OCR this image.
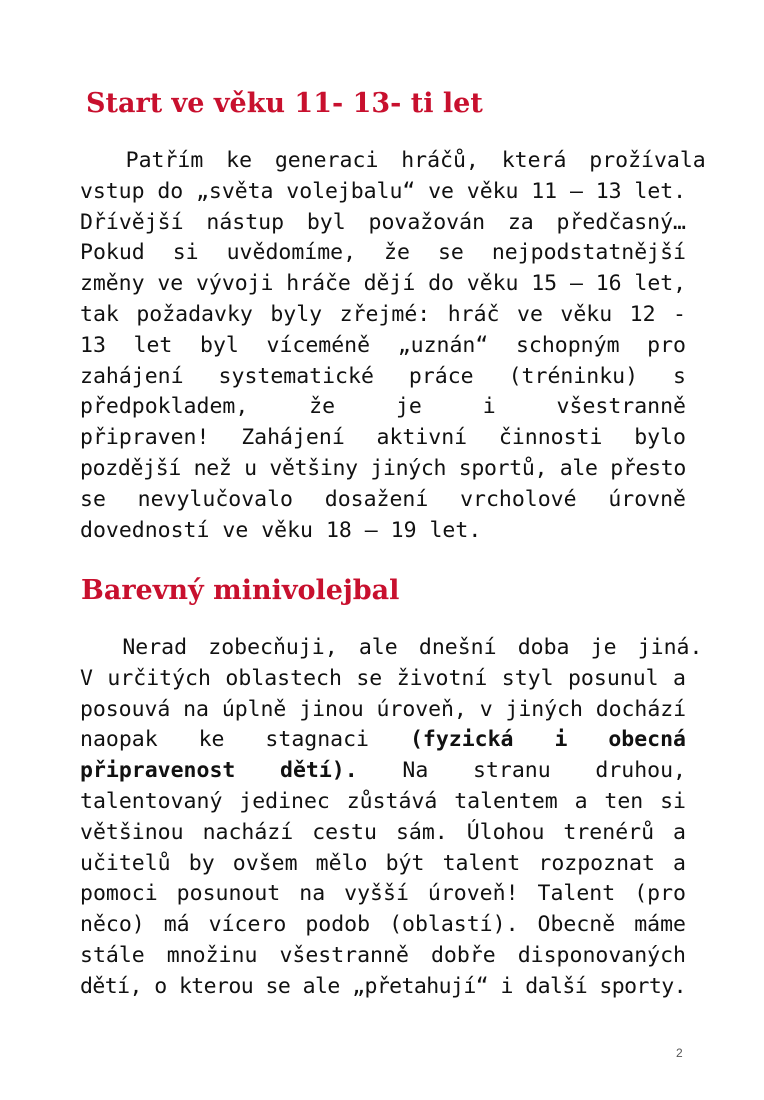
Start ve věku 11- 13- ti let
Patřím ke generaci hráčů, která prožívala
vstup do „světa volejbalu“ ve věku 11 – 13 let.
Dřívější nástup byl považován za předčasný…
Pokud si uvědomíme, že se nejpodstatnější
změny ve vývoji hráče dějí do věku 15 – 16 let,
tak požadavky byly zřejmé: hráč ve věku 12 -
13 let byl víceméně „uznán“ schopným pro
zahájení systematické práce (tréninku) s
předpokladem, že je i všestranně
připraven! Zahájení aktivní činnosti bylo
pozdější než u většiny jiných sportů, ale přesto
se nevylučovalo dosažení vrcholové úrovně
dovedností ve věku 18 – 19 let.
Barevný minivolejbal
Nerad zobecňuji, ale dnešní doba je jiná.
V určitých oblastech se životní styl posunul a
posouvá na úplně jinou úroveň, v jiných dochází
naopak ke stagnaci (fyzická i obecná
připravenost dětí). Na stranu druhou,
talentovaný jedinec zůstává talentem a ten si
většinou nachází cestu sám. Úlohou trenérů a
učitelů by ovšem mělo být talent rozpoznat a
pomoci posunout na vyšší úroveň! Talent (pro
něco) má vícero podob (oblastí). Obecně máme
stále množinu všestranně dobře disponovaných
dětí, o kterou se ale „přetahují“ i další sporty.
2
